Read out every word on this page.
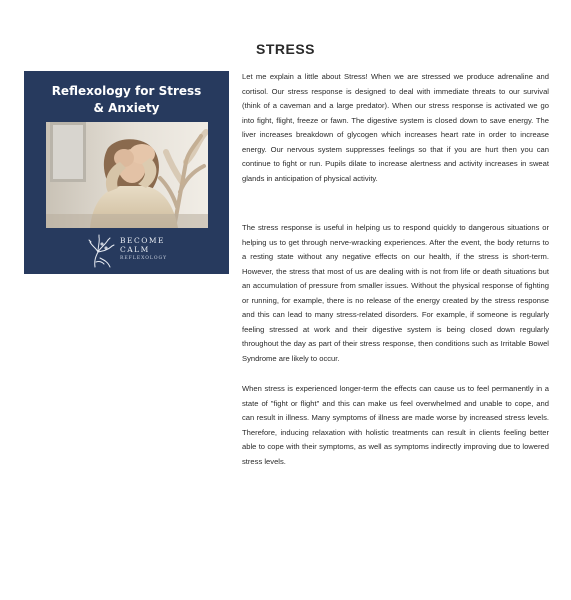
STRESS
Reflexology for Stress
& Anxiety
BECOME
CALM
REFLEXOLOGY

Let me explain a little about Stress! When we are stressed we produce adrenaline and cortisol. Our stress response is designed to deal with immediate threats to our survival (think of a caveman and a large predator). When our stress response is activated we go into fight, flight, freeze or fawn. The digestive system is closed down to save energy. The liver increases breakdown of glycogen which increases heart rate in order to increase energy. Our nervous system suppresses feelings so that if you are hurt then you can continue to fight or run. Pupils dilate to increase alertness and activity increases in sweat glands in anticipation of physical activity.

The stress response is useful in helping us to respond quickly to dangerous situations or helping us to get through nerve-wracking experiences. After the event, the body returns to a resting state without any negative effects on our health, if the stress is short-term. However, the stress that most of us are dealing with is not from life or death situations but an accumulation of pressure from smaller issues. Without the physical response of fighting or running, for example, there is no release of the energy created by the stress response and this can lead to many stress-related disorders. For example, if someone is regularly feeling stressed at work and their digestive system is being closed down regularly throughout the day as part of their stress response, then conditions such as Irritable Bowel Syndrome are likely to occur.

When stress is experienced longer-term the effects can cause us to feel permanently in a state of "fight or flight" and this can make us feel overwhelmed and unable to cope, and can result in illness. Many symptoms of illness are made worse by increased stress levels. Therefore, inducing relaxation with holistic treatments can result in clients feeling better able to cope with their symptoms, as well as symptoms indirectly improving due to lowered stress levels.
